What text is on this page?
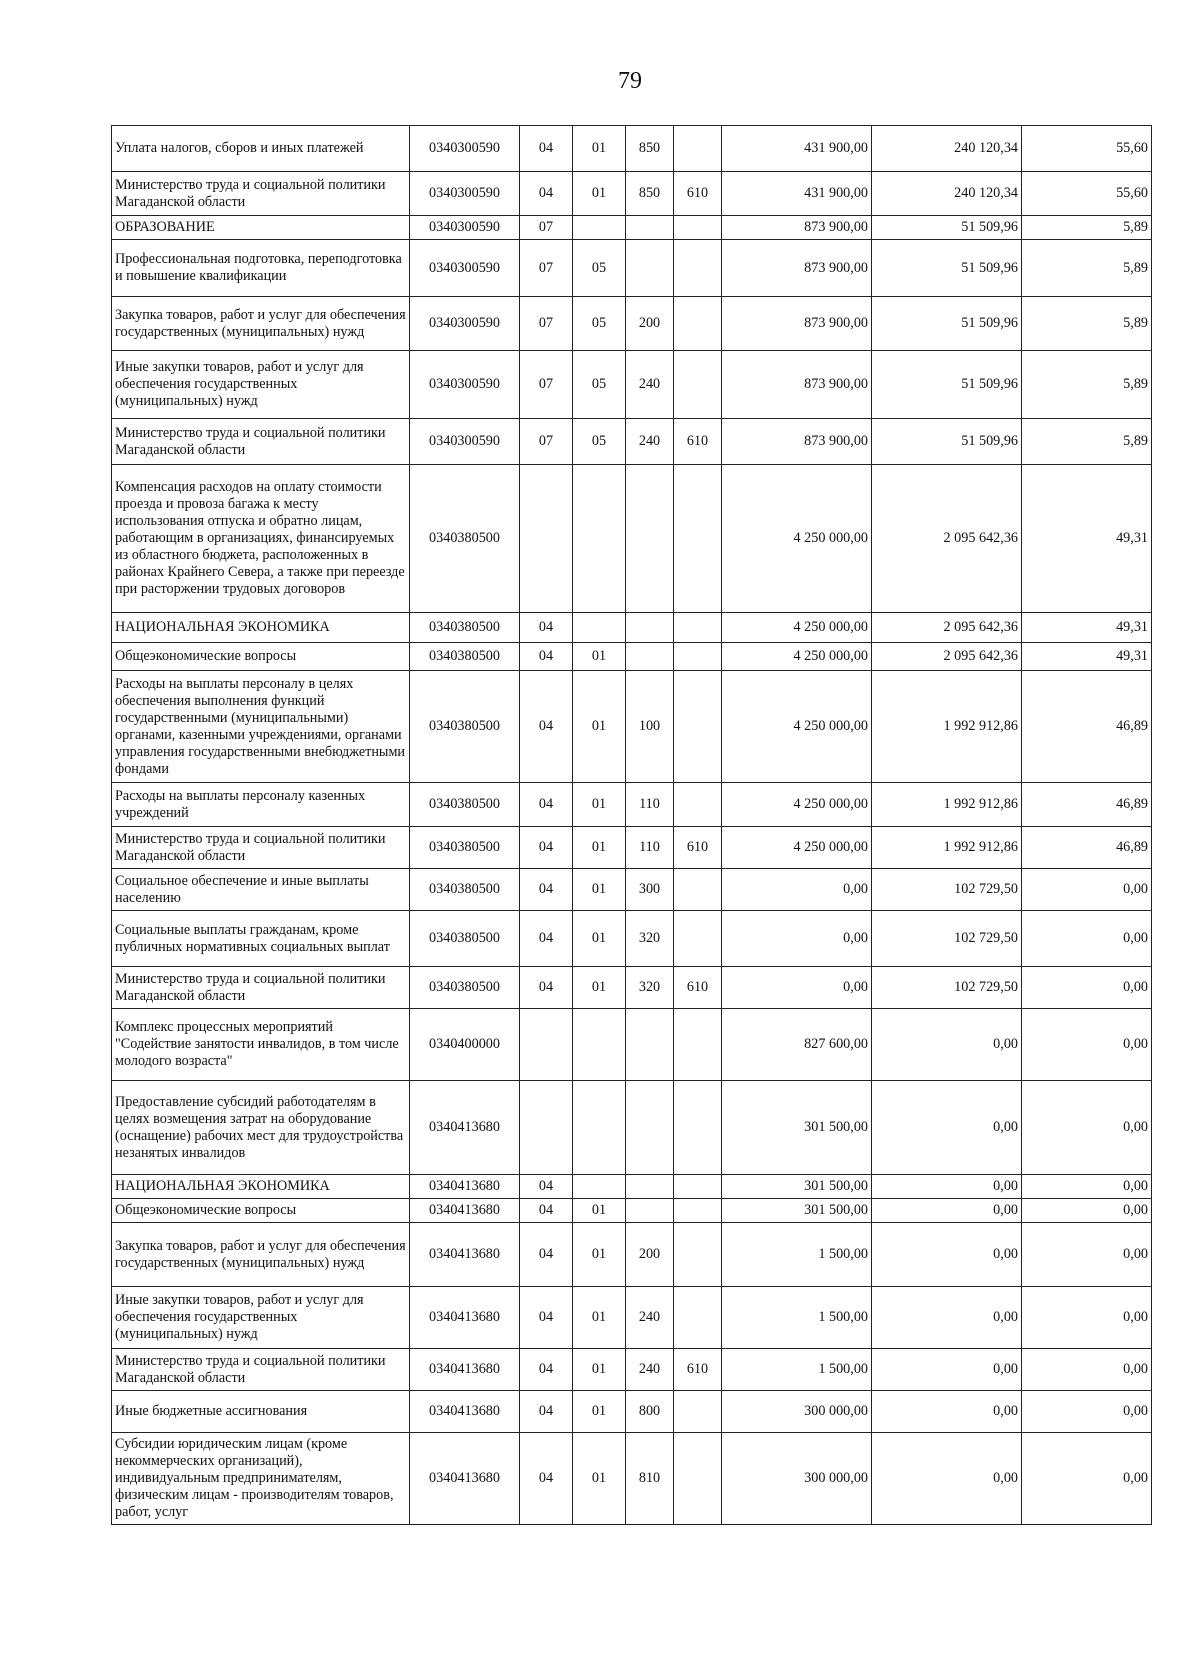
79
Уплата налогов, сборов и иных платежей	0340300590	04	01	850		431 900,00	240 120,34	55,60
Министерство труда и социальной политики Магаданской области	0340300590	04	01	850	610	431 900,00	240 120,34	55,60
ОБРАЗОВАНИЕ	0340300590	07				873 900,00	51 509,96	5,89
Профессиональная подготовка, переподготовка и повышение квалификации	0340300590	07	05			873 900,00	51 509,96	5,89
Закупка товаров, работ и услуг для обеспечения государственных (муниципальных) нужд	0340300590	07	05	200		873 900,00	51 509,96	5,89
Иные закупки товаров, работ и услуг для обеспечения государственных (муниципальных) нужд	0340300590	07	05	240		873 900,00	51 509,96	5,89
Министерство труда и социальной политики Магаданской области	0340300590	07	05	240	610	873 900,00	51 509,96	5,89
Компенсация расходов на оплату стоимости проезда и провоза багажа к месту использования отпуска и обратно лицам, работающим в организациях, финансируемых из областного бюджета, расположенных в районах Крайнего Севера, а также при переезде при расторжении трудовых договоров	0340380500					4 250 000,00	2 095 642,36	49,31
НАЦИОНАЛЬНАЯ ЭКОНОМИКА	0340380500	04				4 250 000,00	2 095 642,36	49,31
Общеэкономические вопросы	0340380500	04	01			4 250 000,00	2 095 642,36	49,31
Расходы на выплаты персоналу в целях обеспечения выполнения функций государственными (муниципальными) органами, казенными учреждениями, органами управления государственными внебюджетными фондами	0340380500	04	01	100		4 250 000,00	1 992 912,86	46,89
Расходы на выплаты персоналу казенных учреждений	0340380500	04	01	110		4 250 000,00	1 992 912,86	46,89
Министерство труда и социальной политики Магаданской области	0340380500	04	01	110	610	4 250 000,00	1 992 912,86	46,89
Социальное обеспечение и иные выплаты населению	0340380500	04	01	300		0,00	102 729,50	0,00
Социальные выплаты гражданам, кроме публичных нормативных социальных выплат	0340380500	04	01	320		0,00	102 729,50	0,00
Министерство труда и социальной политики Магаданской области	0340380500	04	01	320	610	0,00	102 729,50	0,00
Комплекс процессных мероприятий "Содействие занятости инвалидов, в том числе молодого возраста"	0340400000					827 600,00	0,00	0,00
Предоставление субсидий работодателям в целях возмещения затрат на оборудование (оснащение) рабочих мест для трудоустройства незанятых инвалидов	0340413680					301 500,00	0,00	0,00
НАЦИОНАЛЬНАЯ ЭКОНОМИКА	0340413680	04				301 500,00	0,00	0,00
Общеэкономические вопросы	0340413680	04	01			301 500,00	0,00	0,00
Закупка товаров, работ и услуг для обеспечения государственных (муниципальных) нужд	0340413680	04	01	200		1 500,00	0,00	0,00
Иные закупки товаров, работ и услуг для обеспечения государственных (муниципальных) нужд	0340413680	04	01	240		1 500,00	0,00	0,00
Министерство труда и социальной политики Магаданской области	0340413680	04	01	240	610	1 500,00	0,00	0,00
Иные бюджетные ассигнования	0340413680	04	01	800		300 000,00	0,00	0,00
Субсидии юридическим лицам (кроме некоммерческих организаций), индивидуальным предпринимателям, физическим лицам - производителям товаров, работ, услуг	0340413680	04	01	810		300 000,00	0,00	0,00
